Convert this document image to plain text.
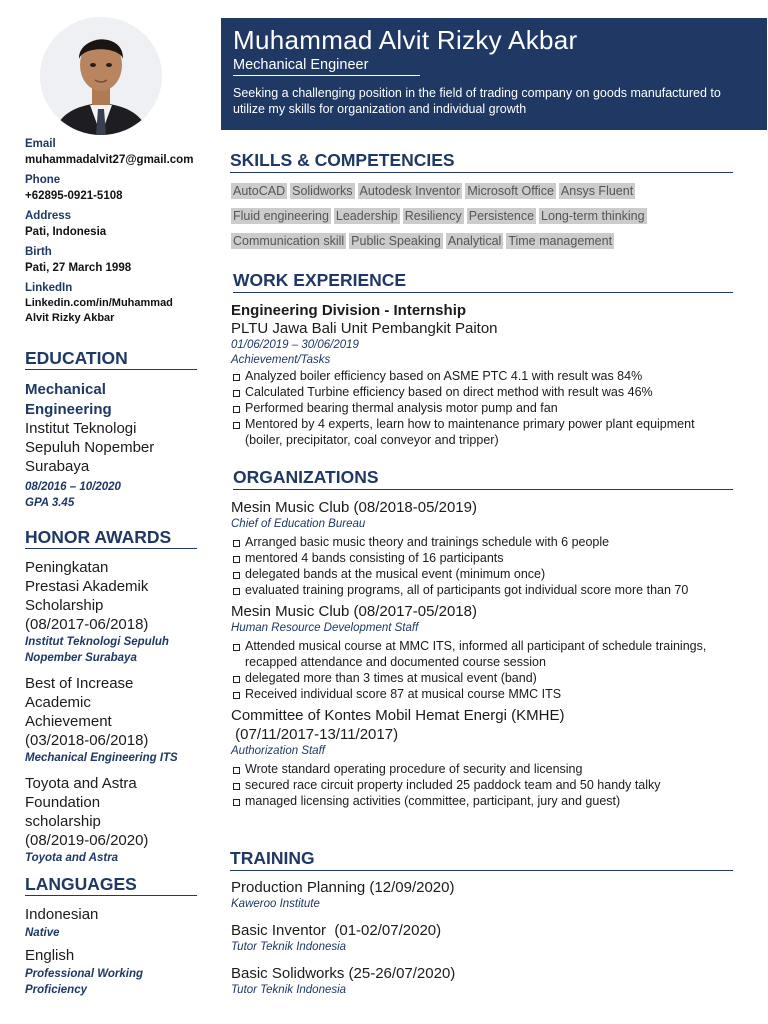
Email
muhammadalvit27@gmail.com
Phone
+62895-0921-5108
Address
Pati, Indonesia
Birth
Pati, 27 March 1998
LinkedIn
Linkedin.com/in/Muhammad
Alvit Rizky Akbar
EDUCATION
Mechanical
Engineering
Institut Teknologi
Sepuluh Nopember
Surabaya
08/2016 – 10/2020
GPA 3.45
HONOR AWARDS
Peningkatan
Prestasi Akademik
Scholarship
(08/2017-06/2018)
Institut Teknologi Sepuluh
Nopember Surabaya
Best of Increase
Academic
Achievement
(03/2018-06/2018)
Mechanical Engineering ITS
Toyota and Astra
Foundation
scholarship
(08/2019-06/2020)
Toyota and Astra
LANGUAGES
Indonesian
Native
English
Professional Working
Proficiency
Muhammad Alvit Rizky Akbar
Mechanical Engineer
Seeking a challenging position in the field of trading company on goods manufactured to utilize my skills for organization and individual growth
SKILLS & COMPETENCIES
AutoCAD Solidworks Autodesk Inventor Microsoft Office Ansys Fluent
Fluid engineering Leadership Resiliency Persistence Long-term thinking
Communication skill Public Speaking Analytical Time management
WORK EXPERIENCE
Engineering Division - Internship
PLTU Jawa Bali Unit Pembangkit Paiton
01/06/2019 – 30/06/2019
Achievement/Tasks
Analyzed boiler efficiency based on ASME PTC 4.1 with result was 84%
Calculated Turbine efficiency based on direct method with result was 46%
Performed bearing thermal analysis motor pump and fan
Mentored by 4 experts, learn how to maintenance primary power plant equipment (boiler, precipitator, coal conveyor and tripper)
ORGANIZATIONS
Mesin Music Club (08/2018-05/2019)
Chief of Education Bureau
Arranged basic music theory and trainings schedule with 6 people
mentored 4 bands consisting of 16 participants
delegated bands at the musical event (minimum once)
evaluated training programs, all of participants got individual score more than 70
Mesin Music Club (08/2017-05/2018)
Human Resource Development Staff
Attended musical course at MMC ITS, informed all participant of schedule trainings, recapped attendance and documented course session
delegated more than 3 times at musical event (band)
Received individual score 87 at musical course MMC ITS
Committee of Kontes Mobil Hemat Energi (KMHE)
(07/11/2017-13/11/2017)
Authorization Staff
Wrote standard operating procedure of security and licensing
secured race circuit property included 25 paddock team and 50 handy talky
managed licensing activities (committee, participant, jury and guest)
TRAINING
Production Planning (12/09/2020)
Kaweroo Institute
Basic Inventor  (01-02/07/2020)
Tutor Teknik Indonesia
Basic Solidworks (25-26/07/2020)
Tutor Teknik Indonesia
